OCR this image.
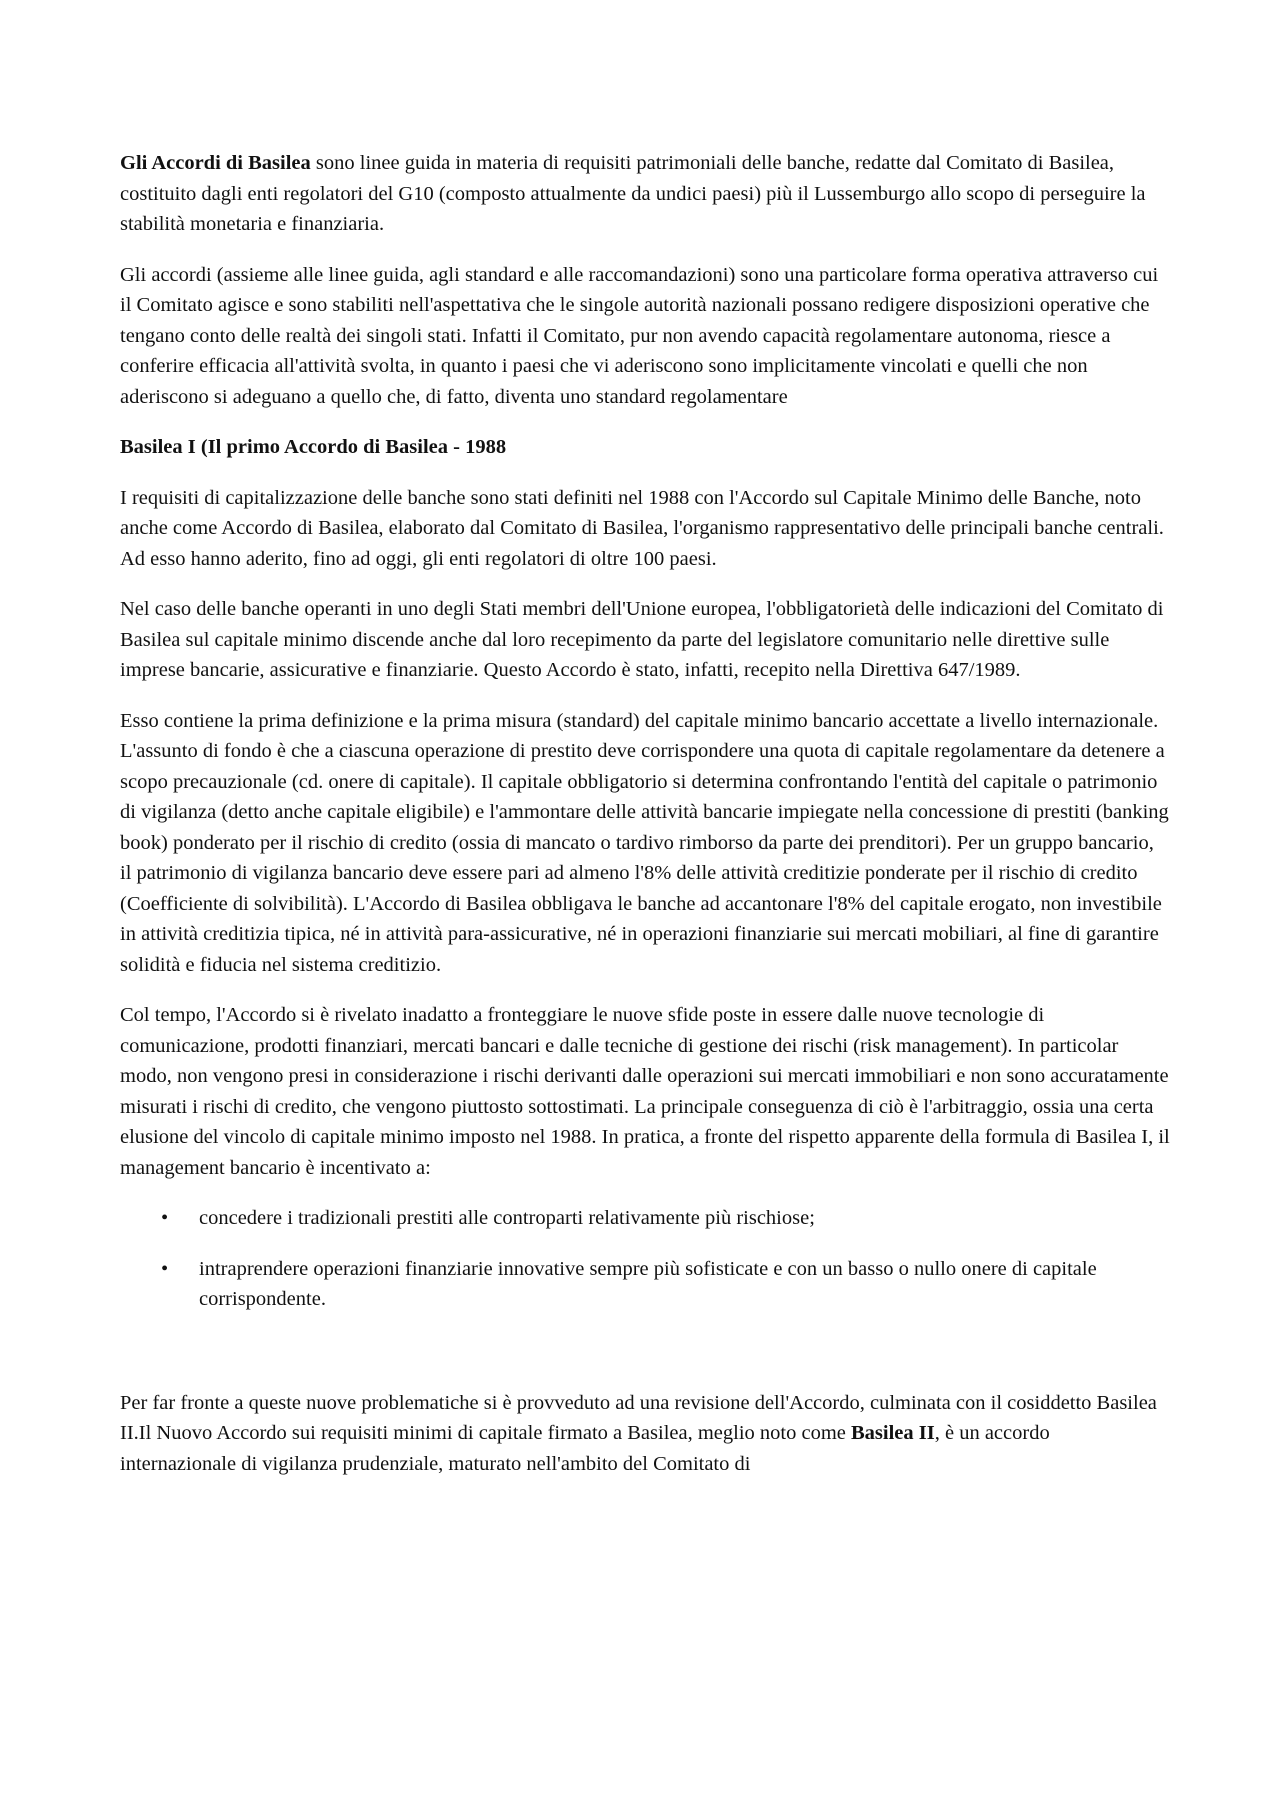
Gli Accordi di Basilea sono linee guida in materia di requisiti patrimoniali delle banche, redatte dal Comitato di Basilea, costituito dagli enti regolatori del G10 (composto attualmente da undici paesi) più il Lussemburgo allo scopo di perseguire la stabilità monetaria e finanziaria.

Gli accordi (assieme alle linee guida, agli standard e alle raccomandazioni) sono una particolare forma operativa attraverso cui il Comitato agisce e sono stabiliti nell'aspettativa che le singole autorità nazionali possano redigere disposizioni operative che tengano conto delle realtà dei singoli stati. Infatti il Comitato, pur non avendo capacità regolamentare autonoma, riesce a conferire efficacia all'attività svolta, in quanto i paesi che vi aderiscono sono implicitamente vincolati e quelli che non aderiscono si adeguano a quello che, di fatto, diventa uno standard regolamentare

Basilea I (Il primo Accordo di Basilea - 1988

I requisiti di capitalizzazione delle banche sono stati definiti nel 1988 con l'Accordo sul Capitale Minimo delle Banche, noto anche come Accordo di Basilea, elaborato dal Comitato di Basilea, l'organismo rappresentativo delle principali banche centrali. Ad esso hanno aderito, fino ad oggi, gli enti regolatori di oltre 100 paesi.

Nel caso delle banche operanti in uno degli Stati membri dell'Unione europea, l'obbligatorietà delle indicazioni del Comitato di Basilea sul capitale minimo discende anche dal loro recepimento da parte del legislatore comunitario nelle direttive sulle imprese bancarie, assicurative e finanziarie. Questo Accordo è stato, infatti, recepito nella Direttiva 647/1989.

Esso contiene la prima definizione e la prima misura (standard) del capitale minimo bancario accettate a livello internazionale. L'assunto di fondo è che a ciascuna operazione di prestito deve corrispondere una quota di capitale regolamentare da detenere a scopo precauzionale (cd. onere di capitale). Il capitale obbligatorio si determina confrontando l'entità del capitale o patrimonio di vigilanza (detto anche capitale eligibile) e l'ammontare delle attività bancarie impiegate nella concessione di prestiti (banking book) ponderato per il rischio di credito (ossia di mancato o tardivo rimborso da parte dei prenditori). Per un gruppo bancario, il patrimonio di vigilanza bancario deve essere pari ad almeno l'8% delle attività creditizie ponderate per il rischio di credito (Coefficiente di solvibilità). L'Accordo di Basilea obbligava le banche ad accantonare l'8% del capitale erogato, non investibile in attività creditizia tipica, né in attività para-assicurative, né in operazioni finanziarie sui mercati mobiliari, al fine di garantire solidità e fiducia nel sistema creditizio.

Col tempo, l'Accordo si è rivelato inadatto a fronteggiare le nuove sfide poste in essere dalle nuove tecnologie di comunicazione, prodotti finanziari, mercati bancari e dalle tecniche di gestione dei rischi (risk management). In particolar modo, non vengono presi in considerazione i rischi derivanti dalle operazioni sui mercati immobiliari e non sono accuratamente misurati i rischi di credito, che vengono piuttosto sottostimati. La principale conseguenza di ciò è l'arbitraggio, ossia una certa elusione del vincolo di capitale minimo imposto nel 1988. In pratica, a fronte del rispetto apparente della formula di Basilea I, il management bancario è incentivato a:

• concedere i tradizionali prestiti alle controparti relativamente più rischiose;
• intraprendere operazioni finanziarie innovative sempre più sofisticate e con un basso o nullo onere di capitale corrispondente.

Per far fronte a queste nuove problematiche si è provveduto ad una revisione dell'Accordo, culminata con il cosiddetto Basilea II.Il Nuovo Accordo sui requisiti minimi di capitale firmato a Basilea, meglio noto come Basilea II, è un accordo internazionale di vigilanza prudenziale, maturato nell'ambito del Comitato di
